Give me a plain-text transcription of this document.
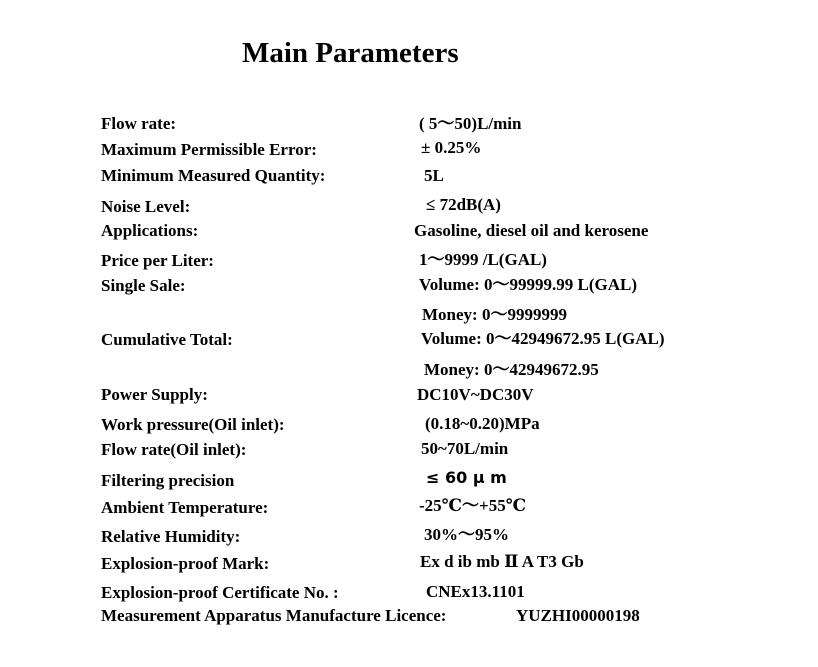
Main Parameters
Flow rate:	( 5～50)L/min
Maximum Permissible Error:	± 0.25%
Minimum Measured Quantity:	5L
Noise Level:	≤ 72dB(A)
Applications:	Gasoline, diesel oil and kerosene
Price per Liter:	1～9999 /L(GAL)
Single Sale:	Volume: 0～99999.99 L(GAL)
Money: 0～9999999
Cumulative Total:	Volume: 0～42949672.95 L(GAL)
Money: 0～42949672.95
Power Supply:	DC10V~DC30V
Work pressure(Oil inlet):	(0.18~0.20)MPa
Flow rate(Oil inlet):	50~70L/min
Filtering precision	≤ 60 μ m
Ambient Temperature:	-25℃～+55℃
Relative Humidity:	30%～95%
Explosion-proof Mark:	Ex d ib mb Ⅱ A T3 Gb
Explosion-proof Certificate No. :	CNEx13.1101
Measurement Apparatus Manufacture Licence:	YUZHI00000198
